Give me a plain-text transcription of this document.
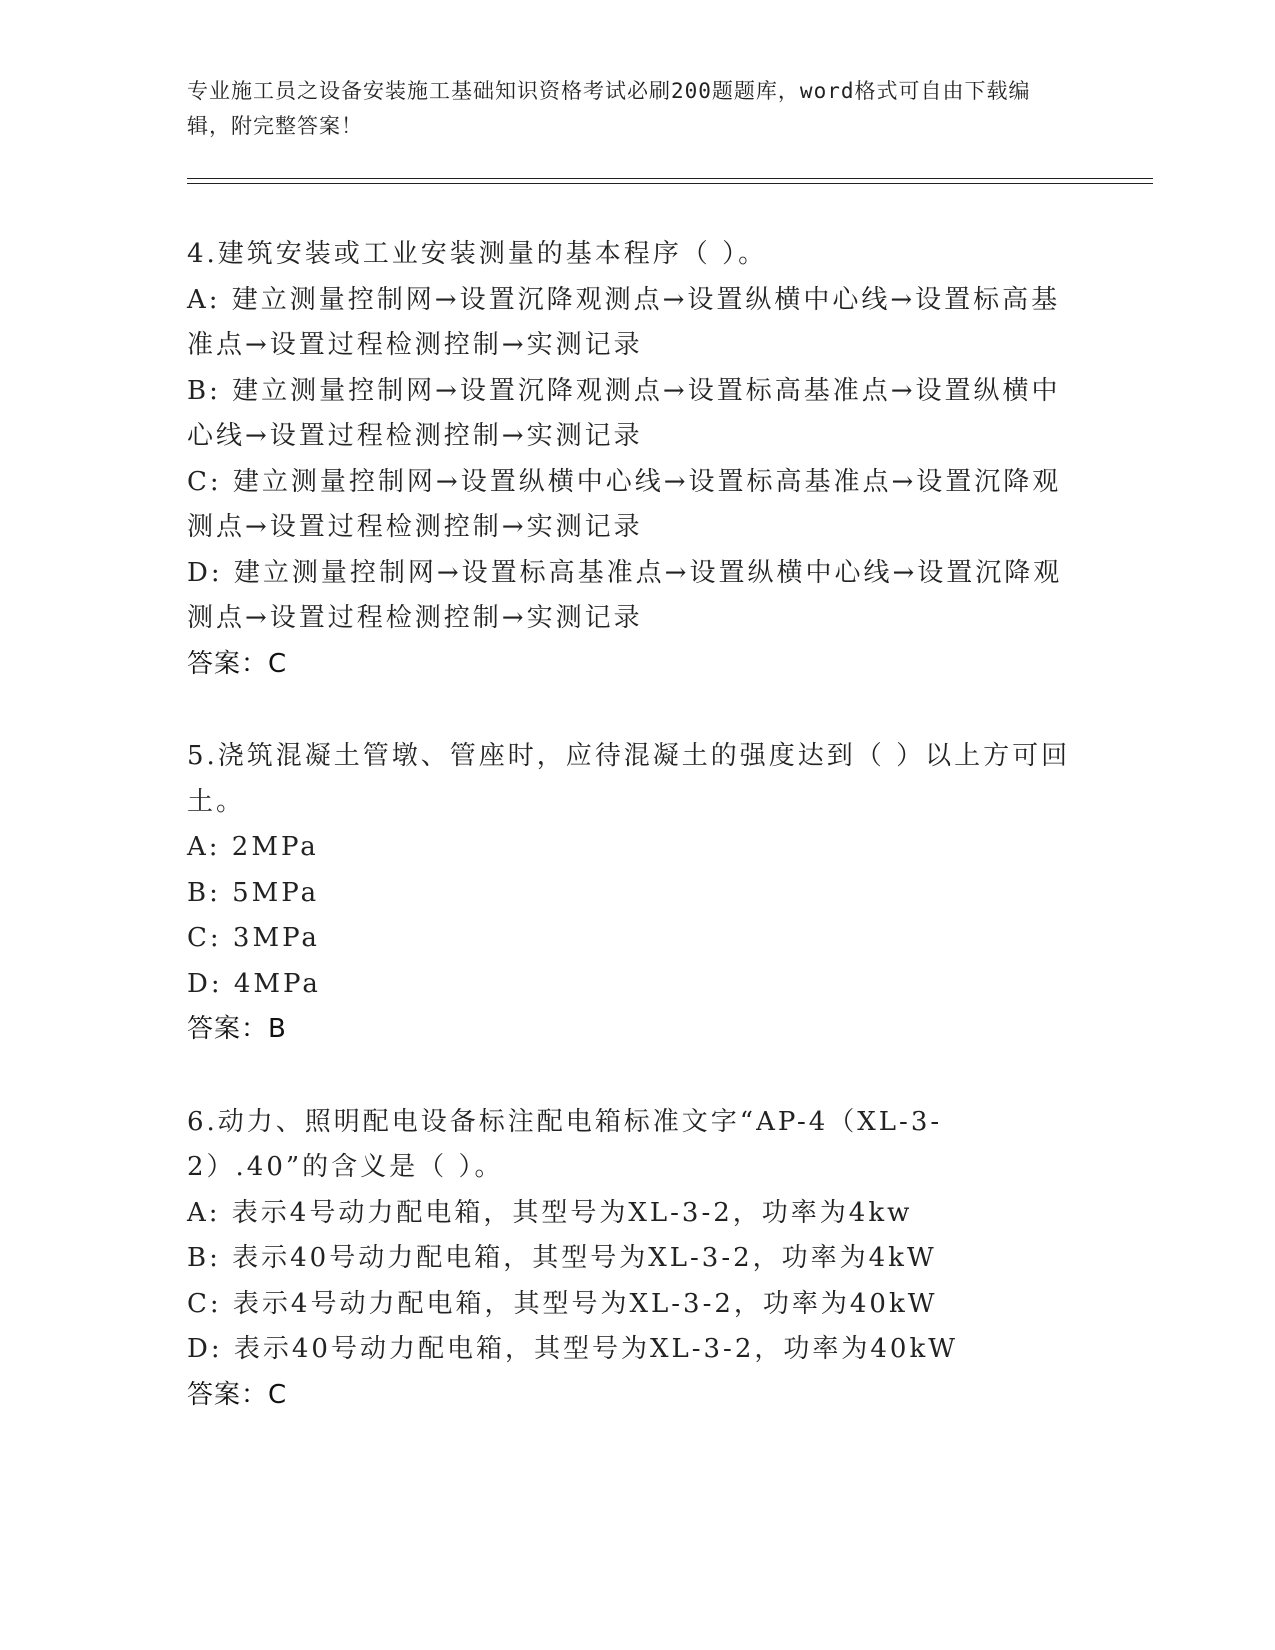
专业施工员之设备安装施工基础知识资格考试必刷200题题库，word格式可自由下载编辑，附完整答案！
4.建筑安装或工业安装测量的基本程序（ ）。
A: 建立测量控制网→设置沉降观测点→设置纵横中心线→设置标高基准点→设置过程检测控制→实测记录
B: 建立测量控制网→设置沉降观测点→设置标高基准点→设置纵横中心线→设置过程检测控制→实测记录
C: 建立测量控制网→设置纵横中心线→设置标高基准点→设置沉降观测点→设置过程检测控制→实测记录
D: 建立测量控制网→设置标高基准点→设置纵横中心线→设置沉降观测点→设置过程检测控制→实测记录
答案：C
5.浇筑混凝土管墩、管座时，应待混凝土的强度达到（ ）以上方可回土。
A: 2MPa
B: 5MPa
C: 3MPa
D: 4MPa
答案：B
6.动力、照明配电设备标注配电箱标准文字“AP-4（XL-3-2）.40”的含义是（ ）。
A: 表示4号动力配电箱，其型号为XL-3-2，功率为4kw
B: 表示40号动力配电箱，其型号为XL-3-2，功率为4kW
C: 表示4号动力配电箱，其型号为XL-3-2，功率为40kW
D: 表示40号动力配电箱，其型号为XL-3-2，功率为40kW
答案：C
